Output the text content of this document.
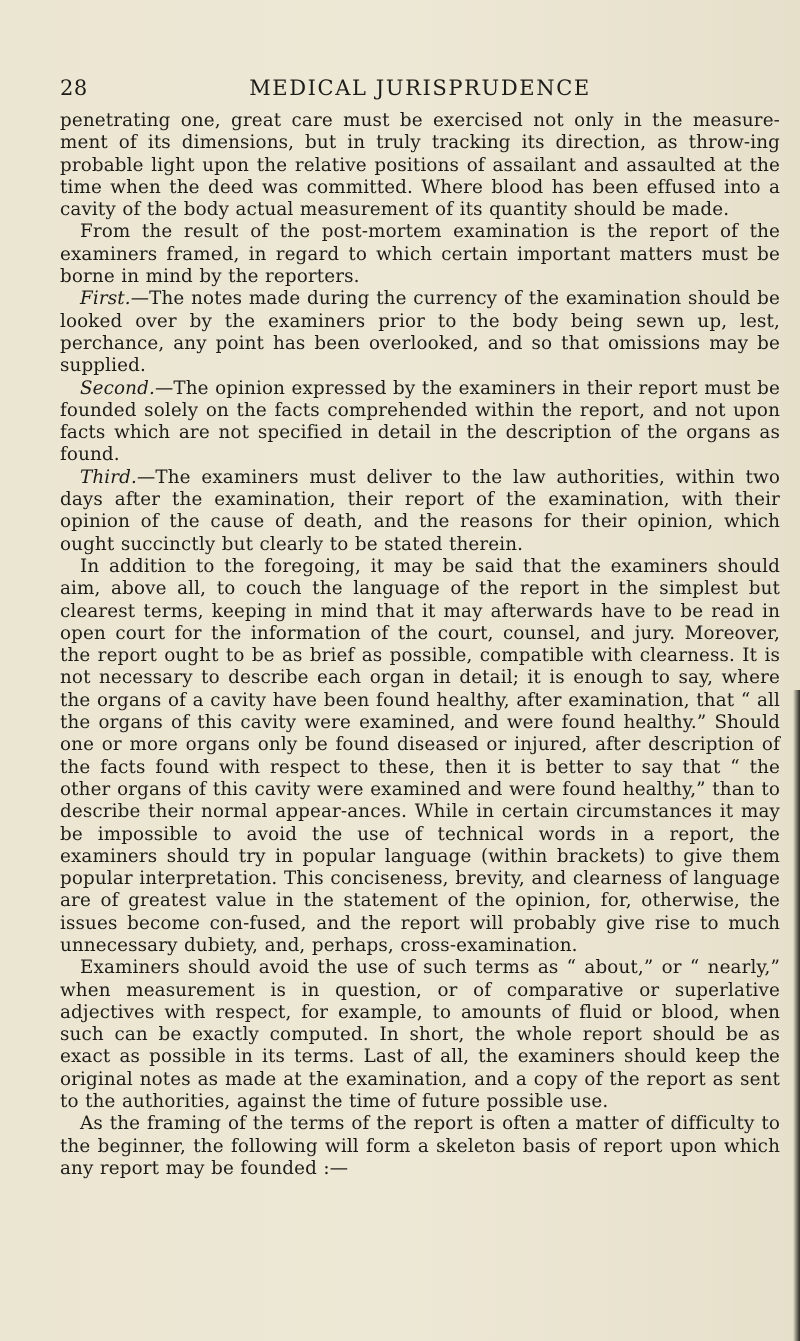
28	MEDICAL JURISPRUDENCE

penetrating one, great care must be exercised not only in the measure-ment of its dimensions, but in truly tracking its direction, as throw-ing probable light upon the relative positions of assailant and assaulted at the time when the deed was committed. Where blood has been effused into a cavity of the body actual measurement of its quantity should be made.

From the result of the post-mortem examination is the report of the examiners framed, in regard to which certain important matters must be borne in mind by the reporters.

First.—The notes made during the currency of the examination should be looked over by the examiners prior to the body being sewn up, lest, perchance, any point has been overlooked, and so that omissions may be supplied.

Second.—The opinion expressed by the examiners in their report must be founded solely on the facts comprehended within the report, and not upon facts which are not specified in detail in the description of the organs as found.

Third.—The examiners must deliver to the law authorities, within two days after the examination, their report of the examination, with their opinion of the cause of death, and the reasons for their opinion, which ought succinctly but clearly to be stated therein.

In addition to the foregoing, it may be said that the examiners should aim, above all, to couch the language of the report in the simplest but clearest terms, keeping in mind that it may afterwards have to be read in open court for the information of the court, counsel, and jury. Moreover, the report ought to be as brief as possible, compatible with clearness. It is not necessary to describe each organ in detail; it is enough to say, where the organs of a cavity have been found healthy, after examination, that “ all the organs of this cavity were examined, and were found healthy.” Should one or more organs only be found diseased or injured, after description of the facts found with respect to these, then it is better to say that “ the other organs of this cavity were examined and were found healthy,” than to describe their normal appear-ances. While in certain circumstances it may be impossible to avoid the use of technical words in a report, the examiners should try in popular language (within brackets) to give them popular interpretation. This conciseness, brevity, and clearness of language are of greatest value in the statement of the opinion, for, otherwise, the issues become con-fused, and the report will probably give rise to much unnecessary dubiety, and, perhaps, cross-examination.

Examiners should avoid the use of such terms as “ about,” or “ nearly,” when measurement is in question, or of comparative or superlative adjectives with respect, for example, to amounts of fluid or blood, when such can be exactly computed. In short, the whole report should be as exact as possible in its terms. Last of all, the examiners should keep the original notes as made at the examination, and a copy of the report as sent to the authorities, against the time of future possible use.

As the framing of the terms of the report is often a matter of difficulty to the beginner, the following will form a skeleton basis of report upon which any report may be founded :—
